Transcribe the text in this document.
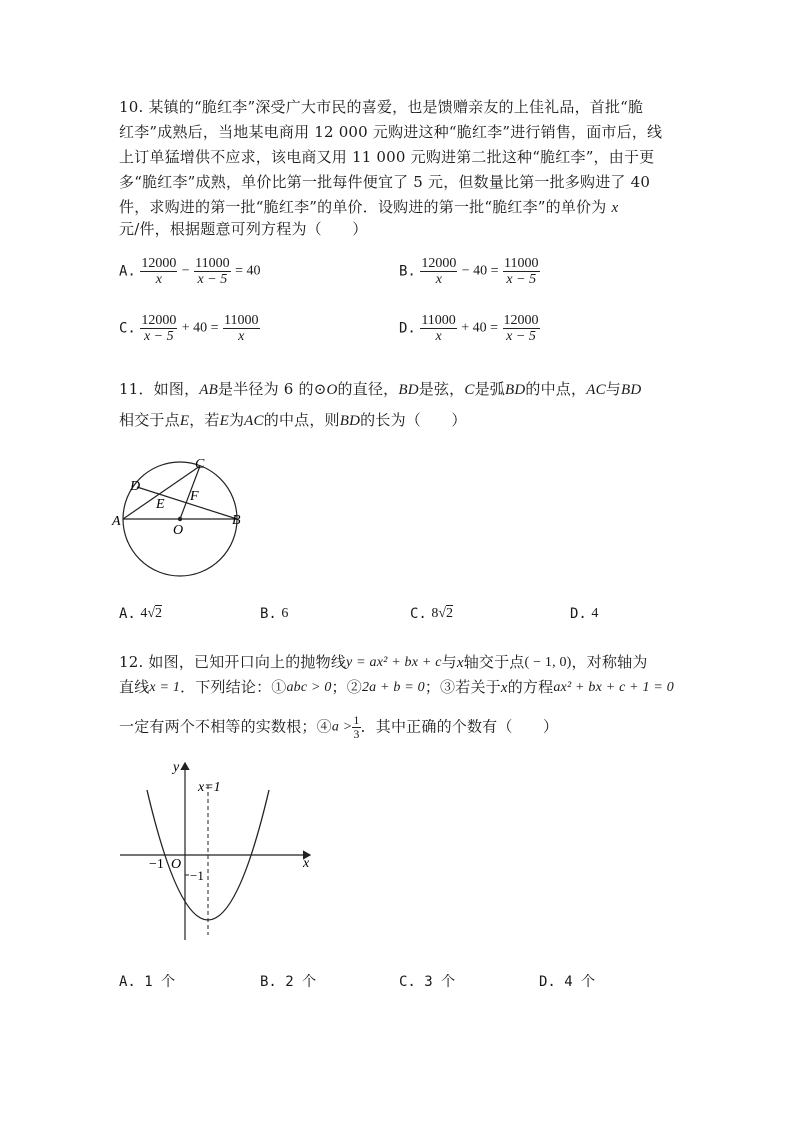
10. 某镇的“脆红李”深受广大市民的喜爱，也是馈赠亲友的上佳礼品，首批“脆
红李”成熟后，当地某电商用 12 000 元购进这种“脆红李”进行销售，面市后，线
上订单猛增供不应求，该电商又用 11 000 元购进第二批这种“脆红李”，由于更
多“脆红李”成熟，单价比第一批每件便宜了 5 元，但数量比第一批多购进了 40
件，求购进的第一批“脆红李”的单价．设购进的第一批“脆红李”的单价为 x
元/件，根据题意可列方程为（　　）
A. $\frac{12000}{x} - \frac{11000}{x - 5} = 40$	B. $\frac{12000}{x} - 40 = \frac{11000}{x - 5}$
C. $\frac{12000}{x - 5} + 40 = \frac{11000}{x}$	D. $\frac{11000}{x} + 40 = \frac{12000}{x - 5}$
11．如图，AB是半径为 6 的⊙O的直径，BD是弦，C是弧BD的中点，AC与BD
相交于点E，若E为AC的中点，则BD的长为（　　）
C
D
A
E
F
O
B
A. 4√2	B. 6	C. 8√2	D. 4
12. 如图，已知开口向上的抛物线y = ax² + bx + c与x轴交于点( − 1, 0)，对称轴为
直线x = 1．下列结论：①abc > 0；②2a + b = 0；③若关于x的方程ax² + bx + c + 1 = 0
一定有两个不相等的实数根；④a > $\frac{1}{3}$ ．其中正确的个数有（　　）
y
x
x=1
−1 O
−1
A. 1 个	B. 2 个	C. 3 个	D. 4 个
